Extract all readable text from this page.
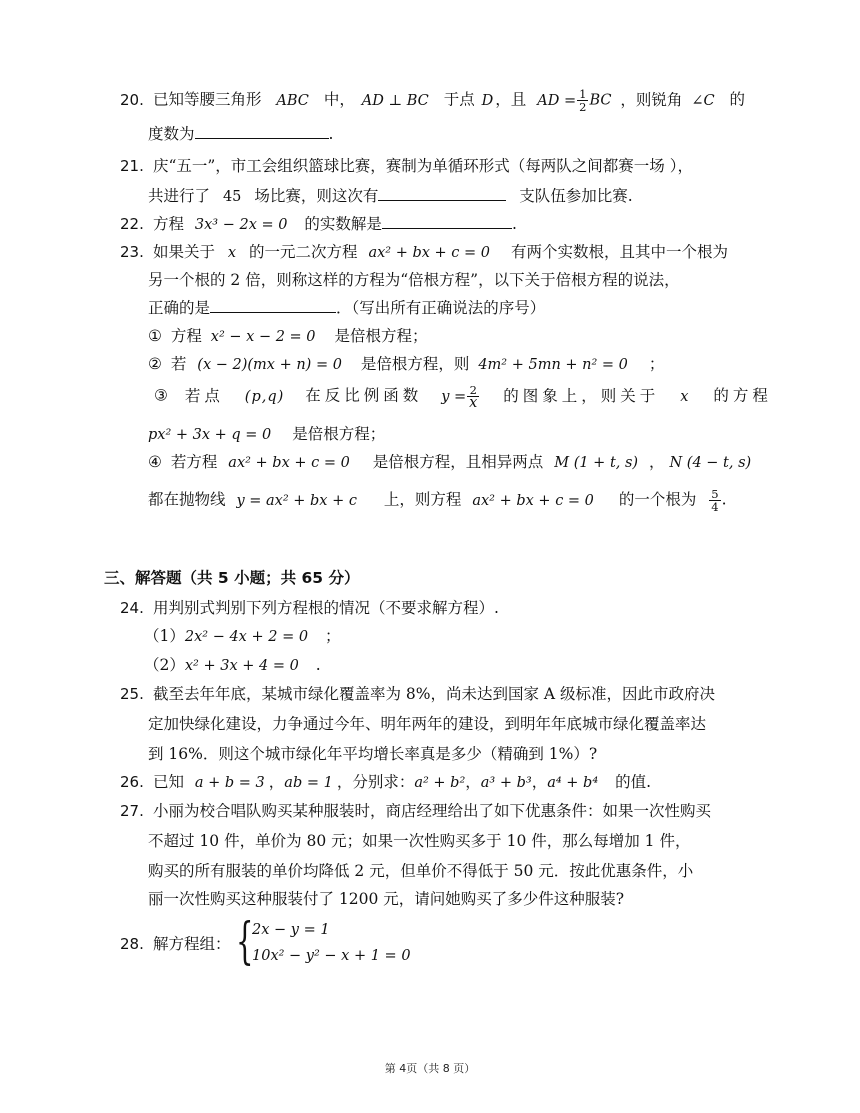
20. 已知等腰三角形 ABC 中， AD ⊥ BC 于点 D ，且 AD = $\frac{1}{2}$ BC ，则锐角 ∠C 的
度数为	.
21. 庆“五一”，市工会组织篮球比赛，赛制为单循环形式（每两队之间都赛一场 ），
共进行了 45 场比赛，则这次有	支队伍参加比赛.
22. 方程 3x³ − 2x = 0 的实数解是	.
23. 如果关于 x 的一元二次方程 ax² + bx + c = 0 有两个实数根，且其中一个根为
另一个根的 2 倍，则称这样的方程为“倍根方程”，以下关于倍根方程的说法，
正确的是	．（写出所有正确说法的序号）
① 方程 x² − x − 2 = 0 是倍根方程；
② 若 (x − 2)(mx + n) = 0 是倍根方程，则 4m² + 5mn + n² = 0 ；
③ 若点 (p,q) 在反比例函数 $y = \frac{2}{x}$ 的图象上，则关于 x 的方程
px² + 3x + q = 0 是倍根方程；
④ 若方程 ax² + bx + c = 0 是倍根方程，且相异两点 M (1 + t, s) ， N (4 − t, s)
都在抛物线 y = ax² + bx + c 上，则方程 ax² + bx + c = 0 的一个根为 $\frac{5}{4}$ .
三、解答题（共 5 小题；共 65 分）
24. 用判别式判别下列方程根的情况（不要求解方程）.
（1）2x² − 4x + 2 = 0 ；
（2）x² + 3x + 4 = 0 .
25. 截至去年年底，某城市绿化覆盖率为 8%，尚未达到国家 A 级标准，因此市政府决
定加快绿化建设，力争通过今年、明年两年的建设，到明年年底城市绿化覆盖率达
到 16%．则这个城市绿化年平均增长率真是多少（精确到 1%）?
26. 已知 a + b = 3 ，ab = 1 ，分别求：a² + b²，a³ + b³，a⁴ + b⁴ 的值.
27. 小丽为校合唱队购买某种服装时，商店经理给出了如下优惠条件：如果一次性购买
不超过 10 件，单价为 80 元；如果一次性购买多于 10 件，那么每增加 1 件，
购买的所有服装的单价均降低 2 元，但单价不得低于 50 元．按此优惠条件，小
丽一次性购买这种服装付了 1200 元，请问她购买了多少件这种服装?
28. 解方程组： {
2x − y = 1
10x² − y² − x + 1 = 0
第 4页（共 8 页）
